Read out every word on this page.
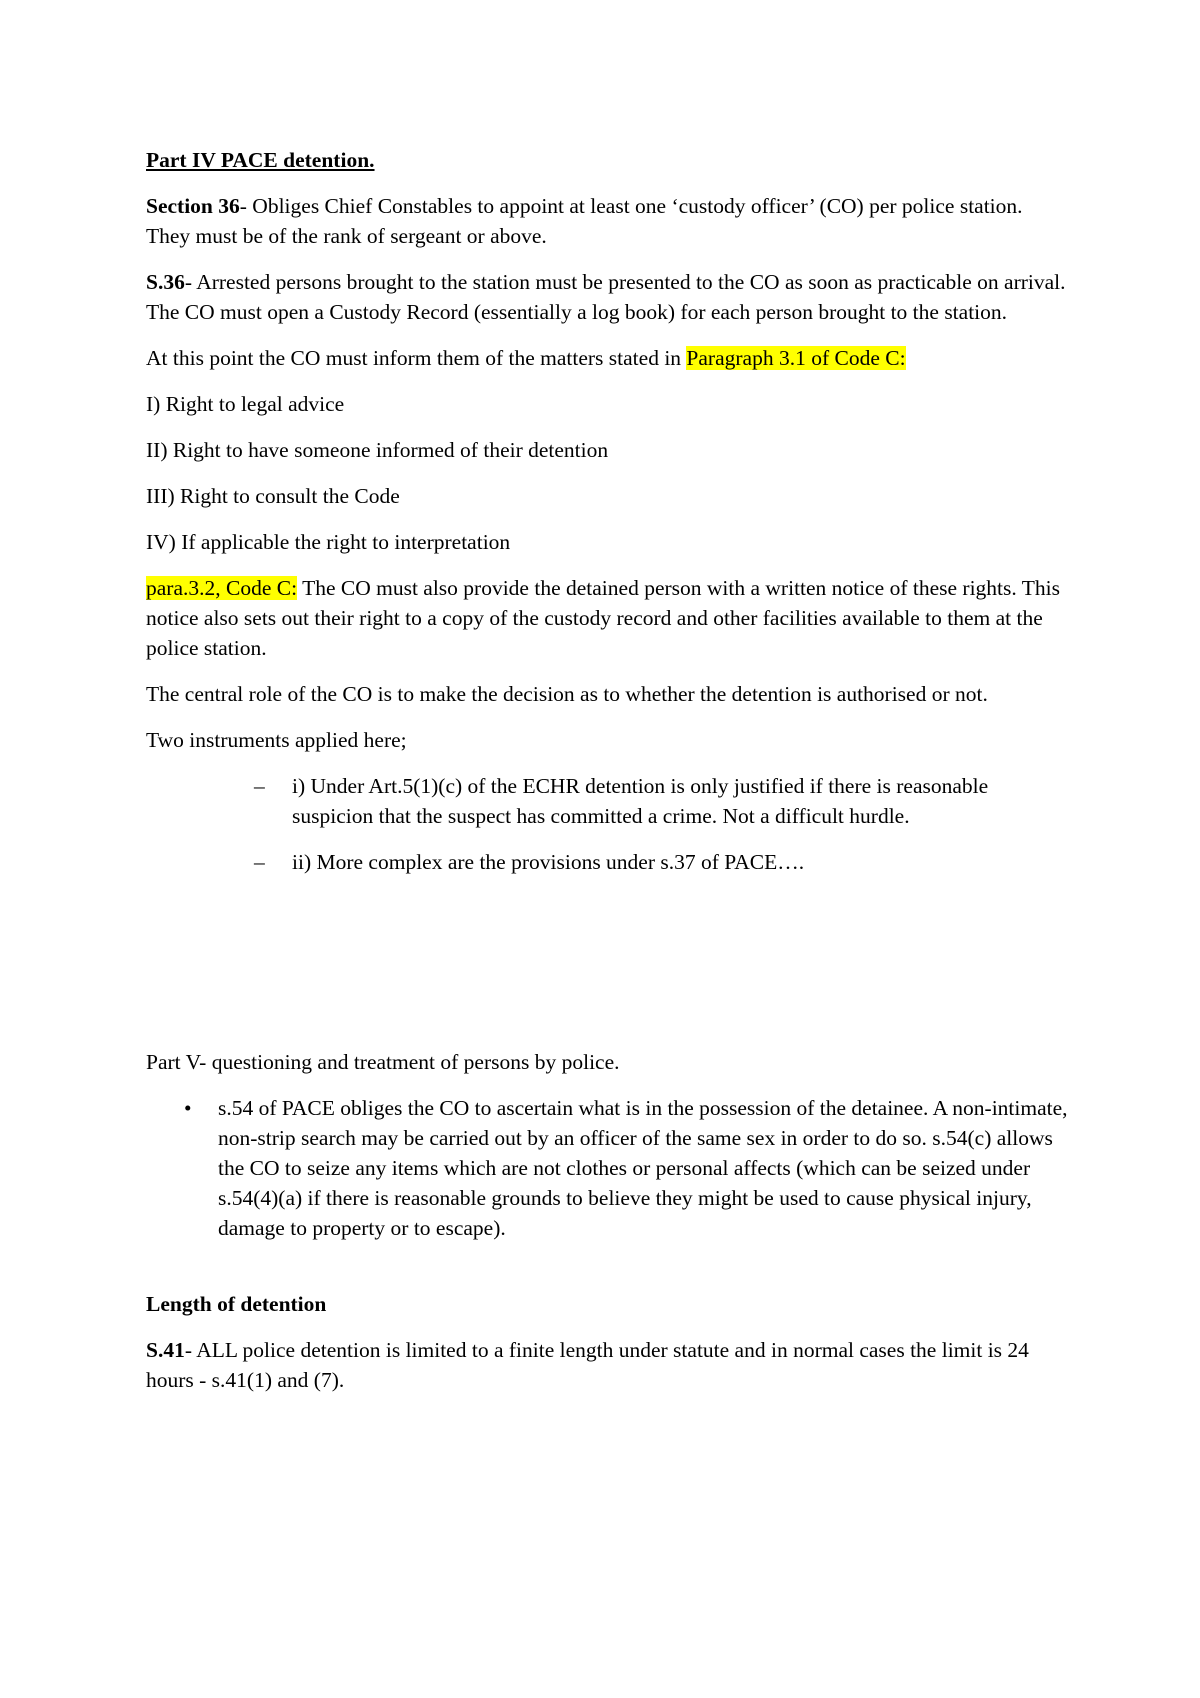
Part IV PACE detention.

Section 36- Obliges Chief Constables to appoint at least one ‘custody officer’ (CO) per police station. They must be of the rank of sergeant or above.

S.36- Arrested persons brought to the station must be presented to the CO as soon as practicable on arrival. The CO must open a Custody Record (essentially a log book) for each person brought to the station.

At this point the CO must inform them of the matters stated in Paragraph 3.1 of Code C:

I) Right to legal advice

II) Right to have someone informed of their detention

III) Right to consult the Code

IV) If applicable the right to interpretation

para.3.2, Code C: The CO must also provide the detained person with a written notice of these rights. This notice also sets out their right to a copy of the custody record and other facilities available to them at the police station.

The central role of the CO is to make the decision as to whether the detention is authorised or not.

Two instruments applied here;

– i) Under Art.5(1)(c) of the ECHR detention is only justified if there is reasonable suspicion that the suspect has committed a crime. Not a difficult hurdle.
– ii) More complex are the provisions under s.37 of PACE….

Part V- questioning and treatment of persons by police.

• s.54 of PACE obliges the CO to ascertain what is in the possession of the detainee. A non-intimate, non-strip search may be carried out by an officer of the same sex in order to do so. s.54(c) allows the CO to seize any items which are not clothes or personal affects (which can be seized under s.54(4)(a) if there is reasonable grounds to believe they might be used to cause physical injury, damage to property or to escape).

Length of detention

S.41- ALL police detention is limited to a finite length under statute and in normal cases the limit is 24 hours - s.41(1) and (7).
